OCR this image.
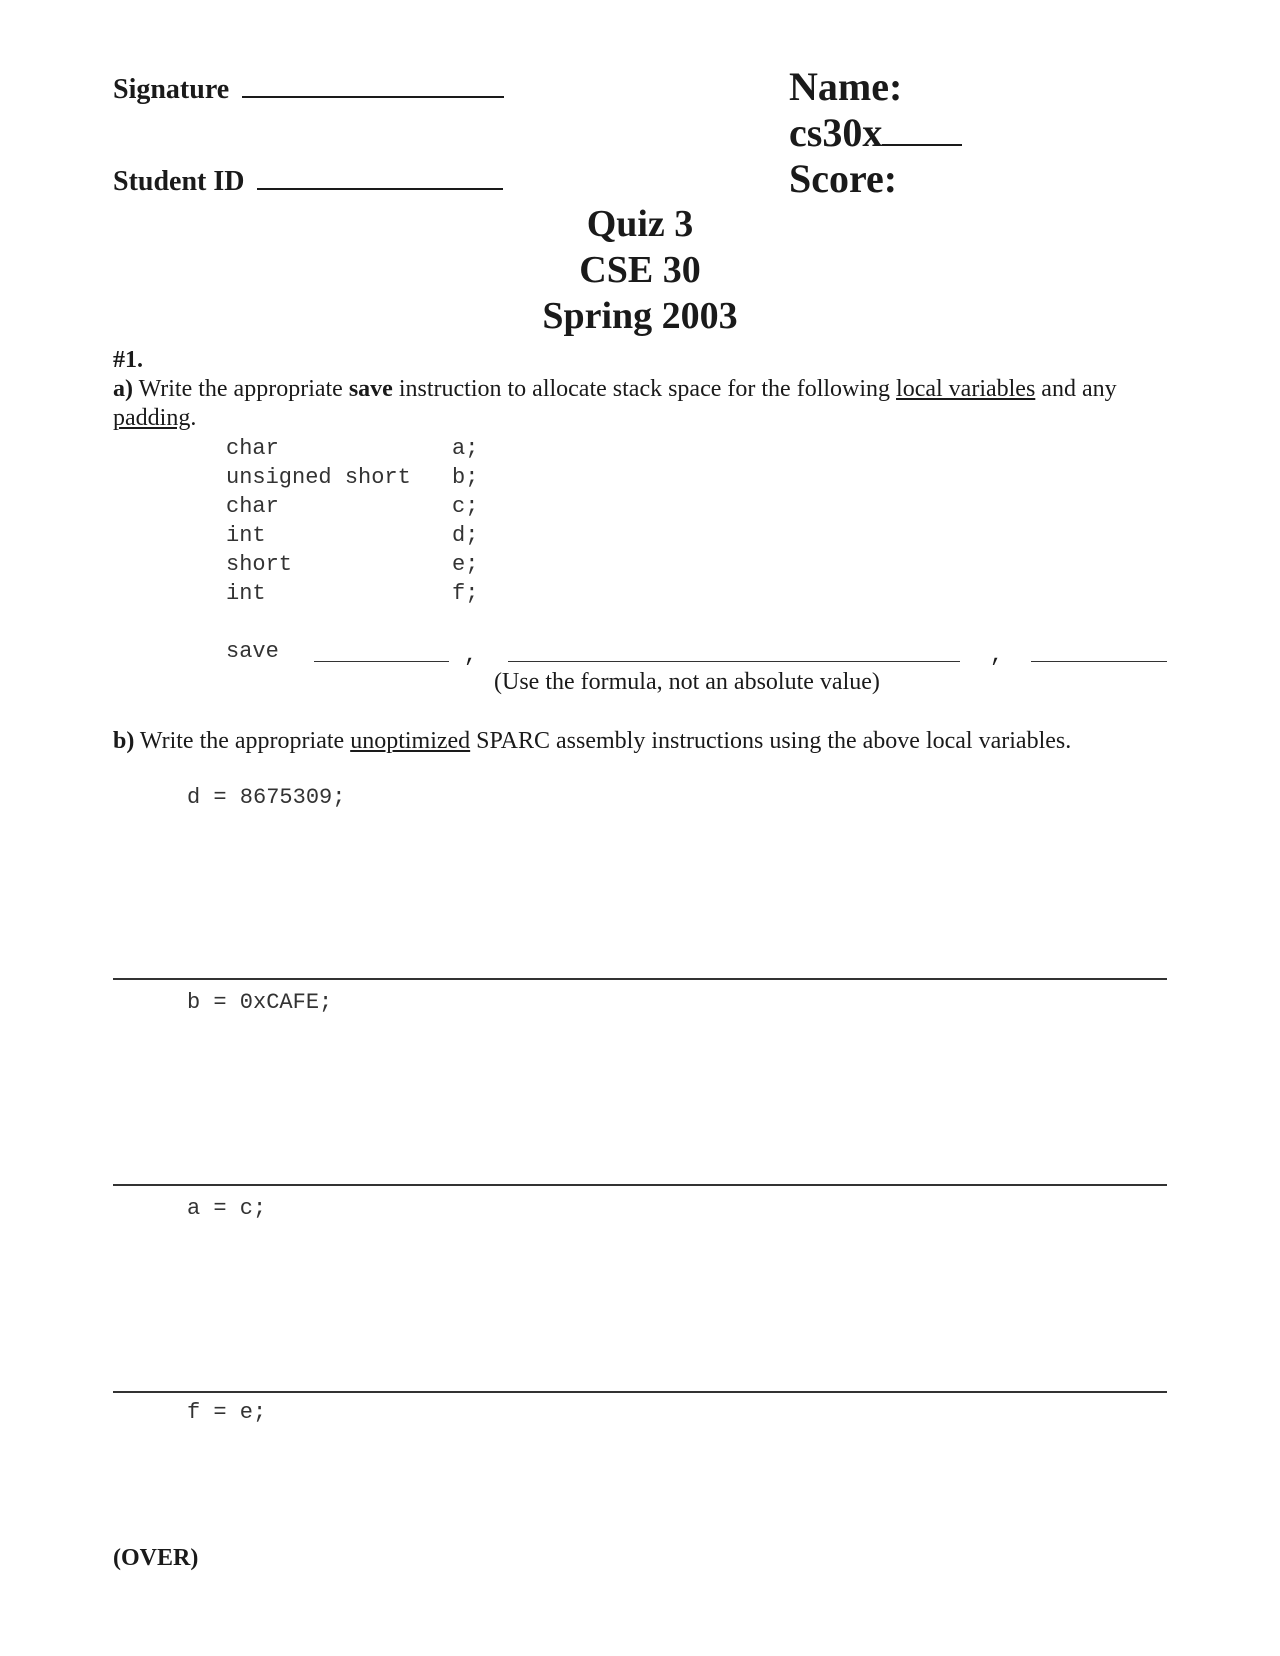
Signature
Student ID
Name:
cs30x
Score:
Quiz 3
CSE 30
Spring 2003
#1.
a) Write the appropriate save instruction to allocate stack space for the following local variables and any
padding.
char	a;
unsigned short b;
char	c;
int	d;
short	e;
int	f;
save	,	,
(Use the formula, not an absolute value)
b) Write the appropriate unoptimized SPARC assembly instructions using the above local variables.
d = 8675309;
b = 0xCAFE;
a = c;
f = e;
(OVER)
